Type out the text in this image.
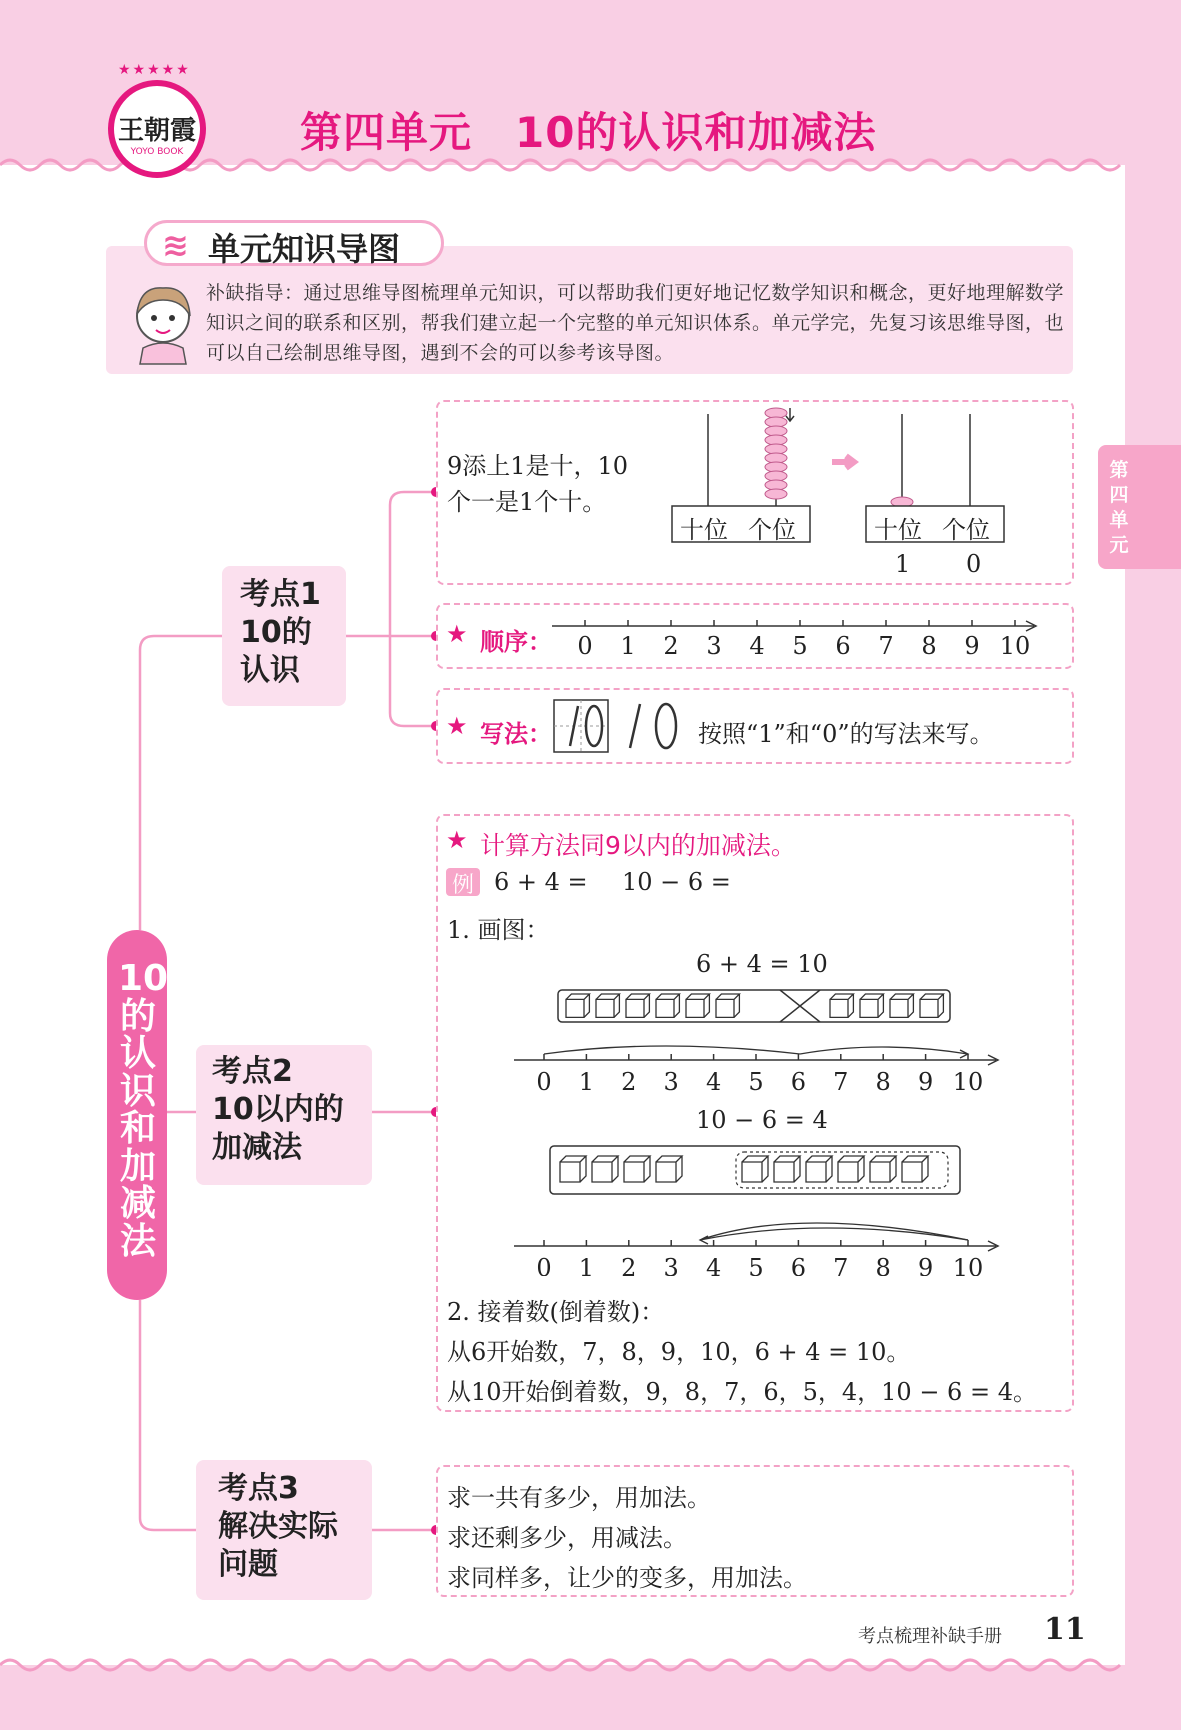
★★★★★
王朝霞
YOYO BOOK	第四单元　10的认识和加减法
第
四
单
元
≋ 单元知识导图
补缺指导：通过思维导图梳理单元知识，可以帮助我们更好地记忆数学知识和概念，更好地理解数学知识之间的联系和区别，帮我们建立起一个完整的单元知识体系。单元学完，先复习该思维导图，也可以自己绘制思维导图，遇到不会的可以参考该导图。
10
的
认
识
和
加
减
法
考点1
10的
认识
9添上1是十，10
个一是1个十。
十位 个位	十位 个位
1 0
★ 顺序： 0 1 2 3 4 5 6 7 8 9 10
★ 写法：	按照“1”和“0”的写法来写。
考点2
10以内的
加减法
★ 计算方法同9以内的加减法。
例 6 + 4 = 10 − 6 =
1. 画图：
6 + 4 = 10
0 1 2 3 4 5 6 7 8 9 10
10 − 6 = 4
0 1 2 3 4 5 6 7 8 9 10
2. 接着数(倒着数)：
从6开始数，7，8，9，10，6 + 4 = 10。
从10开始倒着数，9，8，7，6，5，4，10 − 6 = 4。
考点3
解决实际
问题
求一共有多少，用加法。
求还剩多少，用减法。
求同样多，让少的变多，用加法。
考点梳理补缺手册 11
